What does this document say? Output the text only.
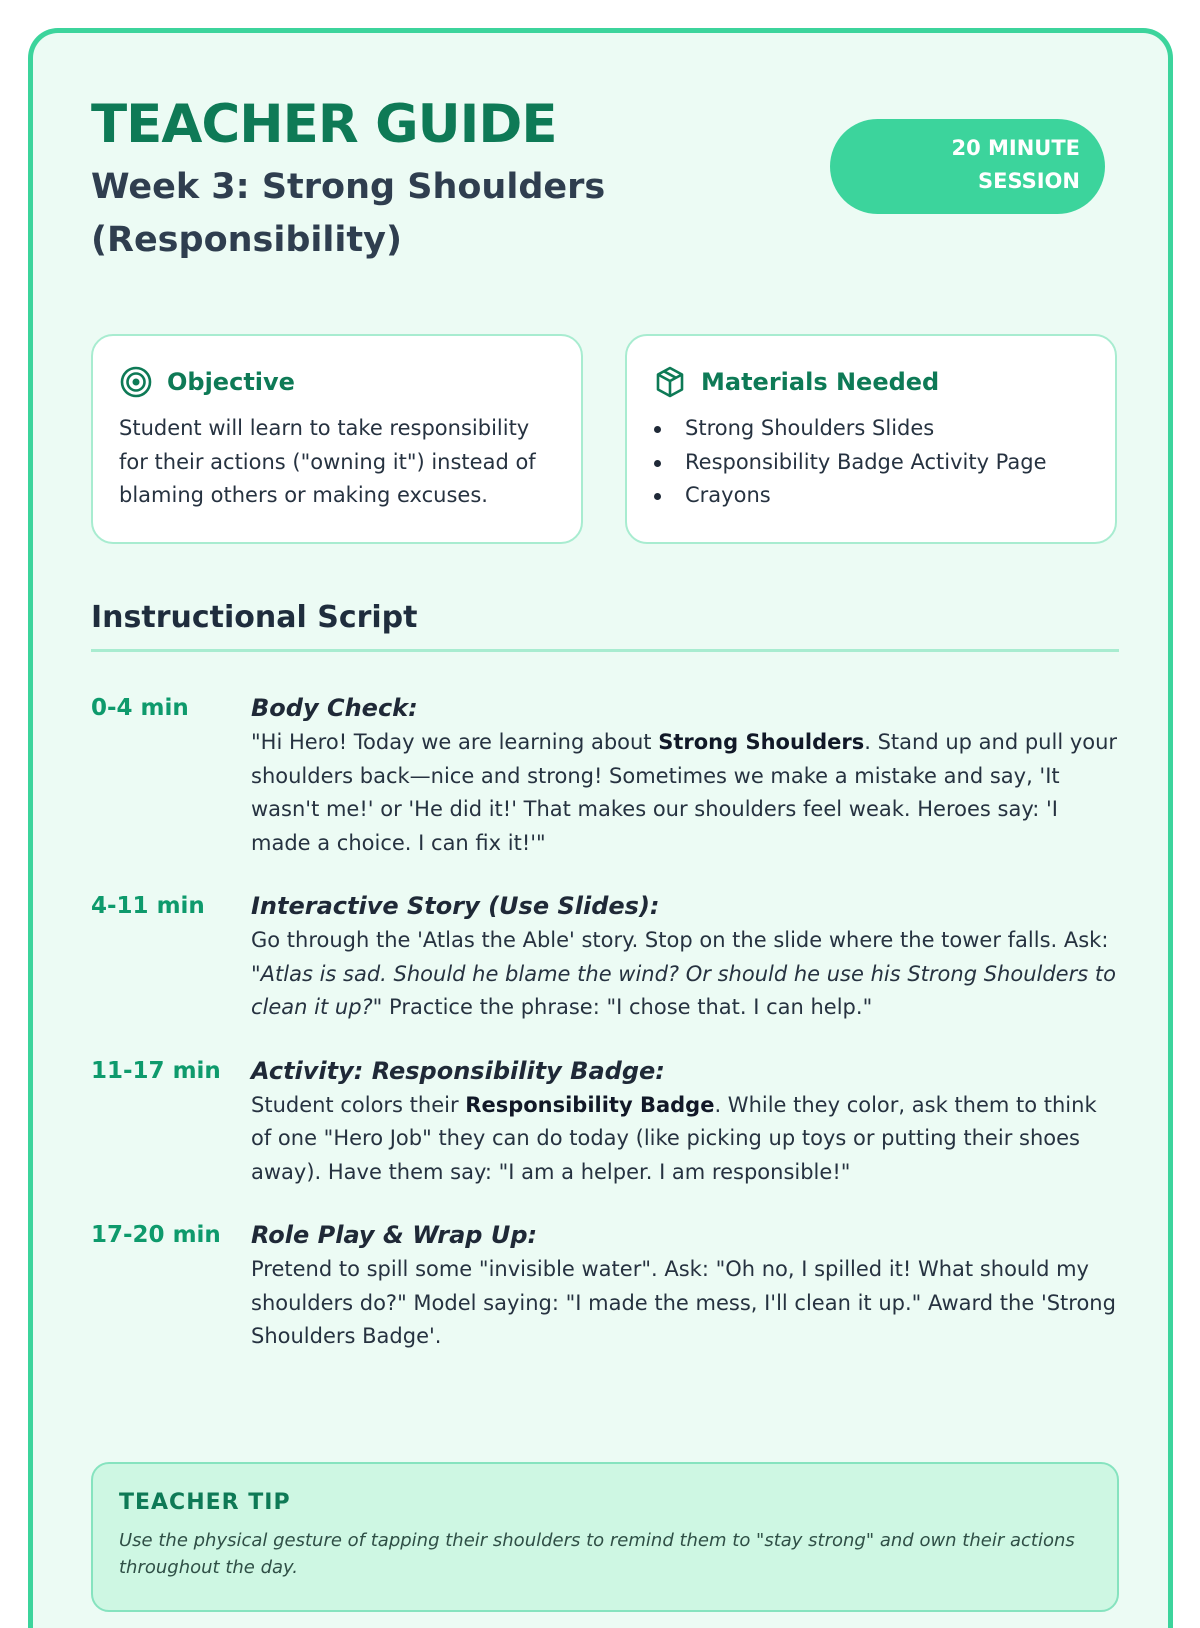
TEACHER GUIDE
Week 3: Strong Shoulders (Responsibility)
20 MINUTE
SESSION
Objective

Student will learn to take responsibility for their actions ("owning it") instead of blaming others or making excuses.

Materials Needed
Strong Shoulders Slides
Responsibility Badge Activity Page
Crayons
Instructional Script
0-4 min	Body Check:

"Hi Hero! Today we are learning about Strong Shoulders. Stand up and pull your shoulders back—nice and strong! Sometimes we make a mistake and say, 'It wasn't me!' or 'He did it!' That makes our shoulders feel weak. Heroes say: 'I made a choice. I can fix it!'"

4-11 min	Interactive Story (Use Slides):

Go through the 'Atlas the Able' story. Stop on the slide where the tower falls. Ask: "Atlas is sad. Should he blame the wind? Or should he use his Strong Shoulders to clean it up?" Practice the phrase: "I chose that. I can help."

11-17 min	Activity: Responsibility Badge:

Student colors their Responsibility Badge. While they color, ask them to think of one "Hero Job" they can do today (like picking up toys or putting their shoes away). Have them say: "I am a helper. I am responsible!"

17-20 min	Role Play & Wrap Up:

Pretend to spill some "invisible water". Ask: "Oh no, I spilled it! What should my shoulders do?" Model saying: "I made the mess, I'll clean it up." Award the 'Strong Shoulders Badge'.

TEACHER TIP

Use the physical gesture of tapping their shoulders to remind them to "stay strong" and own their actions throughout the day.
